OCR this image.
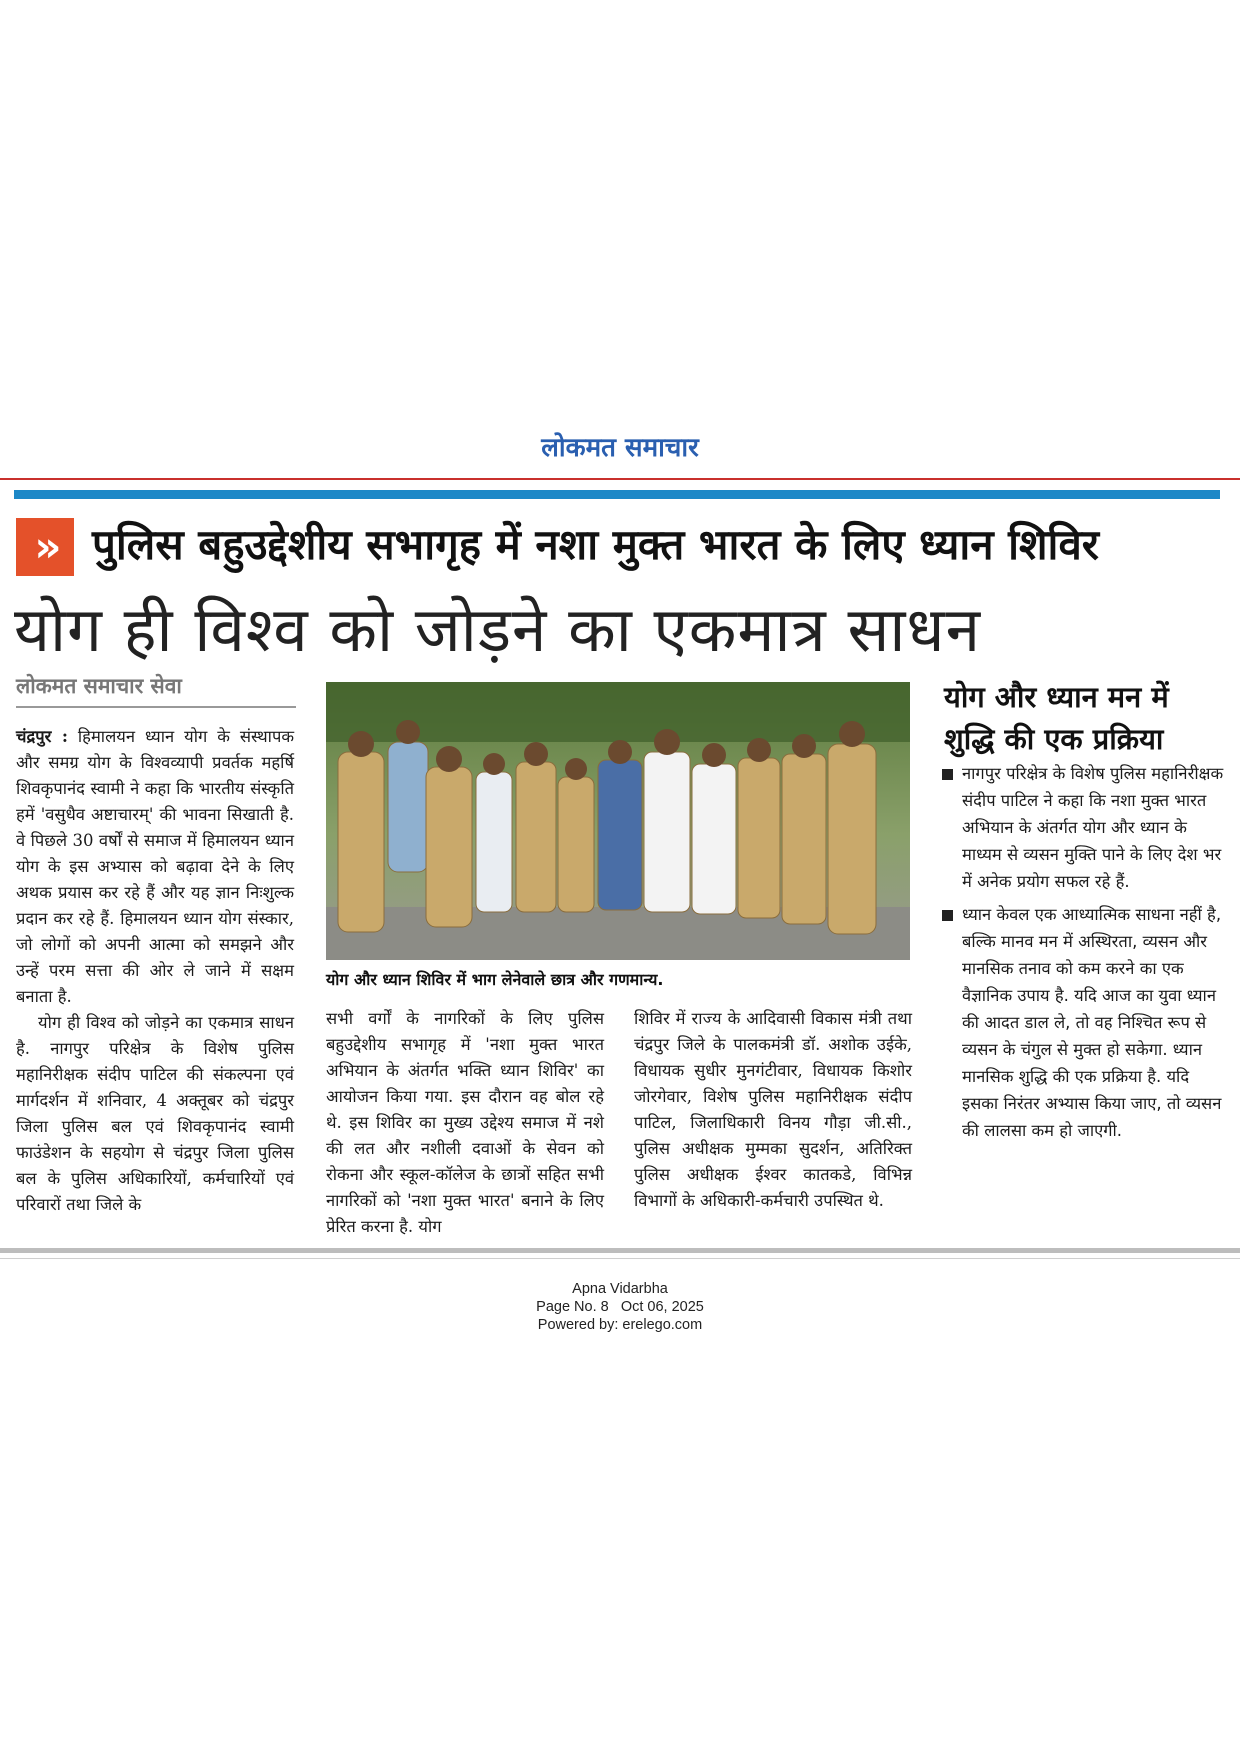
लोकमत समाचार
» पुलिस बहुउद्देशीय सभागृह में नशा मुक्त भारत के लिए ध्यान शिविर
योग ही विश्व को जोड़ने का एकमात्र साधन
लोकमत समाचार सेवा

चंद्रपुर : हिमालयन ध्यान योग के संस्थापक और समग्र योग के विश्वव्यापी प्रवर्तक महर्षि शिवकृपानंद स्वामी ने कहा कि भारतीय संस्कृति हमें 'वसुधैव अष्टाचारम्' की भावना सिखाती है. वे पिछले 30 वर्षों से समाज में हिमालयन ध्यान योग के इस अभ्यास को बढ़ावा देने के लिए अथक प्रयास कर रहे हैं और यह ज्ञान निःशुल्क प्रदान कर रहे हैं. हिमालयन ध्यान योग संस्कार, जो लोगों को अपनी आत्मा को समझने और उन्हें परम सत्ता की ओर ले जाने में सक्षम बनाता है.

योग ही विश्व को जोड़ने का एकमात्र साधन है. नागपुर परिक्षेत्र के विशेष पुलिस महानिरीक्षक संदीप पाटिल की संकल्पना एवं मार्गदर्शन में शनिवार, 4 अक्तूबर को चंद्रपुर जिला पुलिस बल एवं शिवकृपानंद स्वामी फाउंडेशन के सहयोग से चंद्रपुर जिला पुलिस बल के पुलिस अधिकारियों, कर्मचारियों एवं परिवारों तथा जिले के

योग और ध्यान शिविर में भाग लेनेवाले छात्र और गणमान्य.

सभी वर्गों के नागरिकों के लिए पुलिस बहुउद्देशीय सभागृह में 'नशा मुक्त भारत अभियान के अंतर्गत भक्ति ध्यान शिविर' का आयोजन किया गया. इस दौरान वह बोल रहे थे. इस शिविर का मुख्य उद्देश्य समाज में नशे की लत और नशीली दवाओं के सेवन को रोकना और स्कूल-कॉलेज के छात्रों सहित सभी नागरिकों को 'नशा मुक्त भारत' बनाने के लिए प्रेरित करना है. योग

शिविर में राज्य के आदिवासी विकास मंत्री तथा चंद्रपुर जिले के पालकमंत्री डॉ. अशोक उईके, विधायक सुधीर मुनगंटीवार, विधायक किशोर जोरगेवार, विशेष पुलिस महानिरीक्षक संदीप पाटिल, जिलाधिकारी विनय गौड़ा जी.सी., पुलिस अधीक्षक मुम्मका सुदर्शन, अतिरिक्त पुलिस अधीक्षक ईश्वर कातकडे, विभिन्न विभागों के अधिकारी-कर्मचारी उपस्थित थे.

योग और ध्यान मन में शुद्धि की एक प्रक्रिया
नागपुर परिक्षेत्र के विशेष पुलिस महानिरीक्षक संदीप पाटिल ने कहा कि नशा मुक्त भारत अभियान के अंतर्गत योग और ध्यान के माध्यम से व्यसन मुक्ति पाने के लिए देश भर में अनेक प्रयोग सफल रहे हैं.
ध्यान केवल एक आध्यात्मिक साधना नहीं है, बल्कि मानव मन में अस्थिरता, व्यसन और मानसिक तनाव को कम करने का एक वैज्ञानिक उपाय है. यदि आज का युवा ध्यान की आदत डाल ले, तो वह निश्चित रूप से व्यसन के चंगुल से मुक्त हो सकेगा. ध्यान मानसिक शुद्धि की एक प्रक्रिया है. यदि इसका निरंतर अभ्यास किया जाए, तो व्यसन की लालसा कम हो जाएगी.
Apna Vidarbha
Page No. 8 Oct 06, 2025
Powered by: erelego.com
